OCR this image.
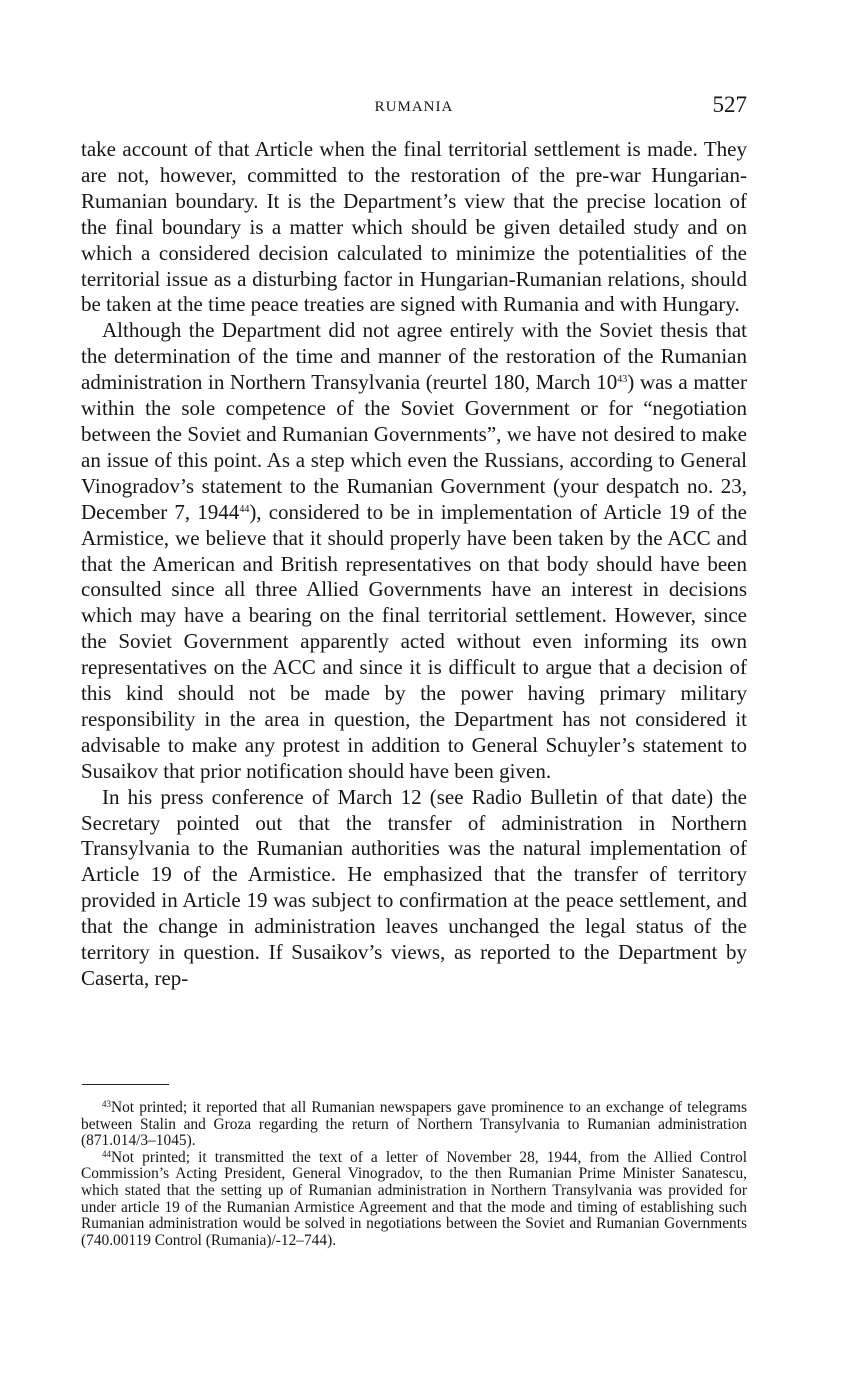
RUMANIA	527

take account of that Article when the final territorial settlement is made. They are not, however, committed to the restoration of the pre-war Hungarian-Rumanian boundary. It is the Department’s view that the precise location of the final boundary is a matter which should be given detailed study and on which a considered decision calculated to minimize the potentialities of the territorial issue as a disturbing factor in Hungarian-Rumanian relations, should be taken at the time peace treaties are signed with Rumania and with Hungary.

Although the Department did not agree entirely with the Soviet thesis that the determination of the time and manner of the restoration of the Rumanian administration in Northern Transylvania (reurtel 180, March 10$^{43}$) was a matter within the sole competence of the Soviet Government or for “negotiation between the Soviet and Rumanian Governments”, we have not desired to make an issue of this point. As a step which even the Russians, according to General Vinogradov’s statement to the Rumanian Government (your despatch no. 23, December 7, 1944$^{44}$), considered to be in implementation of Article 19 of the Armistice, we believe that it should properly have been taken by the ACC and that the American and British representatives on that body should have been consulted since all three Allied Governments have an interest in decisions which may have a bearing on the final territorial settlement. However, since the Soviet Government apparently acted without even informing its own representatives on the ACC and since it is difficult to argue that a decision of this kind should not be made by the power having primary military responsibility in the area in question, the Department has not considered it advisable to make any protest in addition to General Schuyler’s statement to Susaikov that prior notification should have been given.

In his press conference of March 12 (see Radio Bulletin of that date) the Secretary pointed out that the transfer of administration in Northern Transylvania to the Rumanian authorities was the natural implementation of Article 19 of the Armistice. He emphasized that the transfer of territory provided in Article 19 was subject to confirmation at the peace settlement, and that the change in administration leaves unchanged the legal status of the territory in question. If Susaikov’s views, as reported to the Department by Caserta, rep-

$^{43}$Not printed; it reported that all Rumanian newspapers gave prominence to an exchange of telegrams between Stalin and Groza regarding the return of Northern Transylvania to Rumanian administration (871.014/3–1045).

$^{44}$Not printed; it transmitted the text of a letter of November 28, 1944, from the Allied Control Commission’s Acting President, General Vinogradov, to the then Rumanian Prime Minister Sanatescu, which stated that the setting up of Rumanian administration in Northern Transylvania was provided for under article 19 of the Rumanian Armistice Agreement and that the mode and timing of establishing such Rumanian administration would be solved in negotiations between the Soviet and Rumanian Governments (740.00119 Control (Rumania)/-12–744).
